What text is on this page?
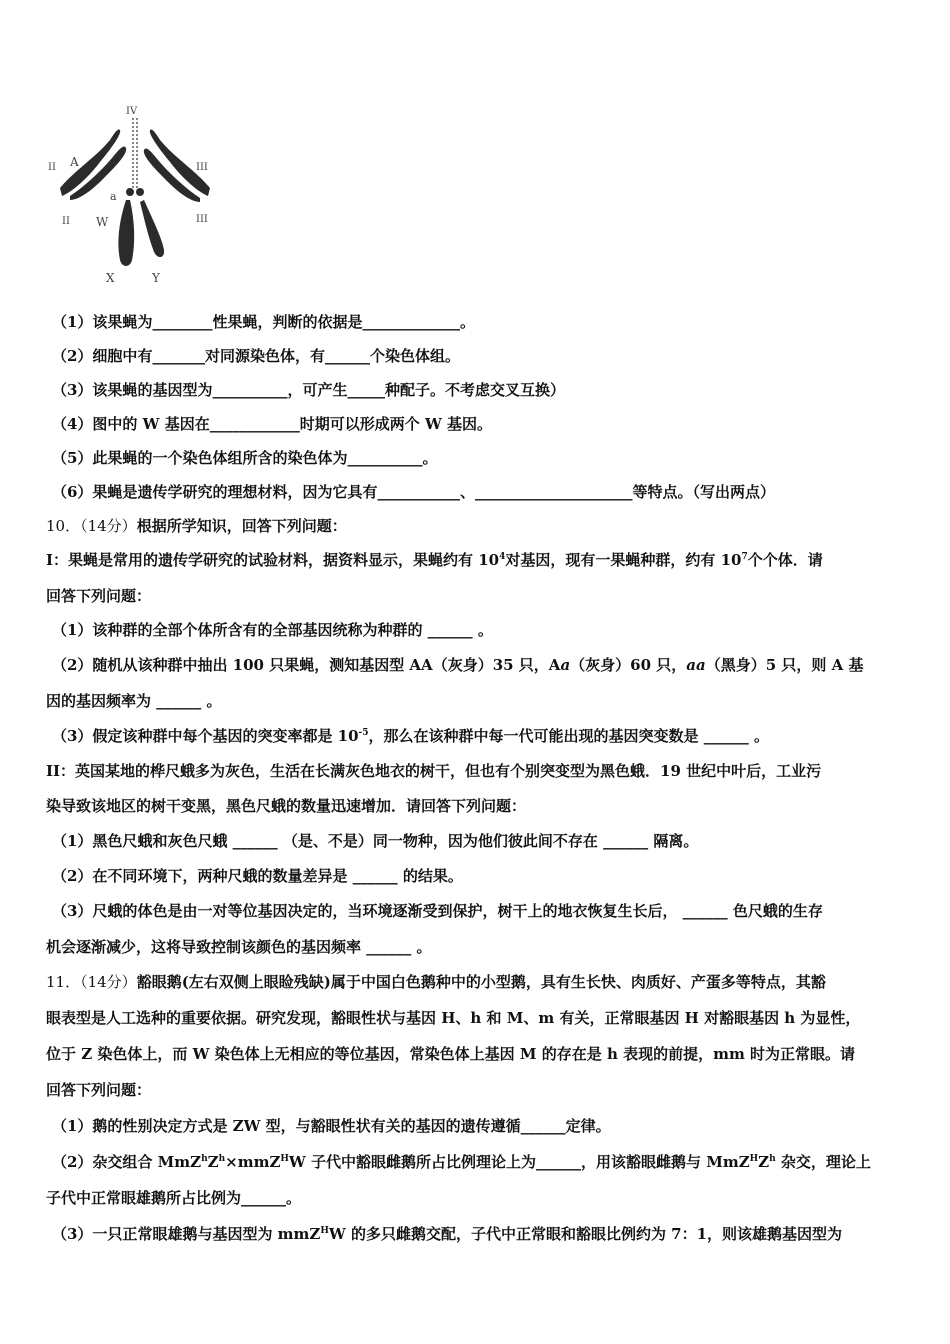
IV
II A	III
a
II W	III
X	Y
（1）该果蝇为________性果蝇，判断的依据是_____________。
（2）细胞中有_______对同源染色体，有______个染色体组。
（3）该果蝇的基因型为__________，可产生_____种配子。不考虑交叉互换）
（4）图中的 W 基因在____________时期可以形成两个 W 基因。
（5）此果蝇的一个染色体组所含的染色体为__________。
（6）果蝇是遗传学研究的理想材料，因为它具有___________、_____________________等特点。（写出两点）
10．（14分）根据所学知识，回答下列问题：
I：果蝇是常用的遗传学研究的试验材料，据资料显示，果蝇约有 $10^4$对基因，现有一果蝇种群，约有 $10^7$个个体．请
回答下列问题：
（1）该种群的全部个体所含有的全部基因统称为种群的 ______ 。
（2）随机从该种群中抽出 100 只果蝇，测知基因型 AA（灰身）35 只，Aa（灰身）60 只，aa（黑身）5 只，则 A 基
因的基因频率为 ______ 。
（3）假定该种群中每个基因的突变率都是 $10^{-5}$，那么在该种群中每一代可能出现的基因突变数是 ______ 。
II：英国某地的桦尺蛾多为灰色，生活在长满灰色地衣的树干，但也有个别突变型为黑色蛾．19 世纪中叶后，工业污
染导致该地区的树干变黑，黑色尺蛾的数量迅速增加．请回答下列问题：
（1）黑色尺蛾和灰色尺蛾 ______ （是、不是）同一物种，因为他们彼此间不存在 ______ 隔离。
（2）在不同环境下，两种尺蛾的数量差异是 ______ 的结果。
（3）尺蛾的体色是由一对等位基因决定的，当环境逐渐受到保护，树干上的地衣恢复生长后， ______ 色尺蛾的生存
机会逐渐减少，这将导致控制该颜色的基因频率 ______ 。
11．（14分）豁眼鹅(左右双侧上眼睑残缺)属于中国白色鹅种中的小型鹅，具有生长快、肉质好、产蛋多等特点，其豁
眼表型是人工选种的重要依据。研究发现，豁眼性状与基因 H、h 和 M、m 有关，正常眼基因 H 对豁眼基因 h 为显性，
位于 Z 染色体上，而 W 染色体上无相应的等位基因，常染色体上基因 M 的存在是 h 表现的前提，mm 时为正常眼。请
回答下列问题：
（1）鹅的性别决定方式是 ZW 型，与豁眼性状有关的基因的遗传遵循______定律。
（2）杂交组合 $MmZ^hZ^h\times mmZ^HW$ 子代中豁眼雌鹅所占比例理论上为______，用该豁眼雌鹅与 $MmZ^HZ^h$ 杂交，理论上
子代中正常眼雄鹅所占比例为______。
（3）一只正常眼雄鹅与基因型为 mmZ$^H$W 的多只雌鹅交配，子代中正常眼和豁眼比例约为 7：1，则该雄鹅基因型为
